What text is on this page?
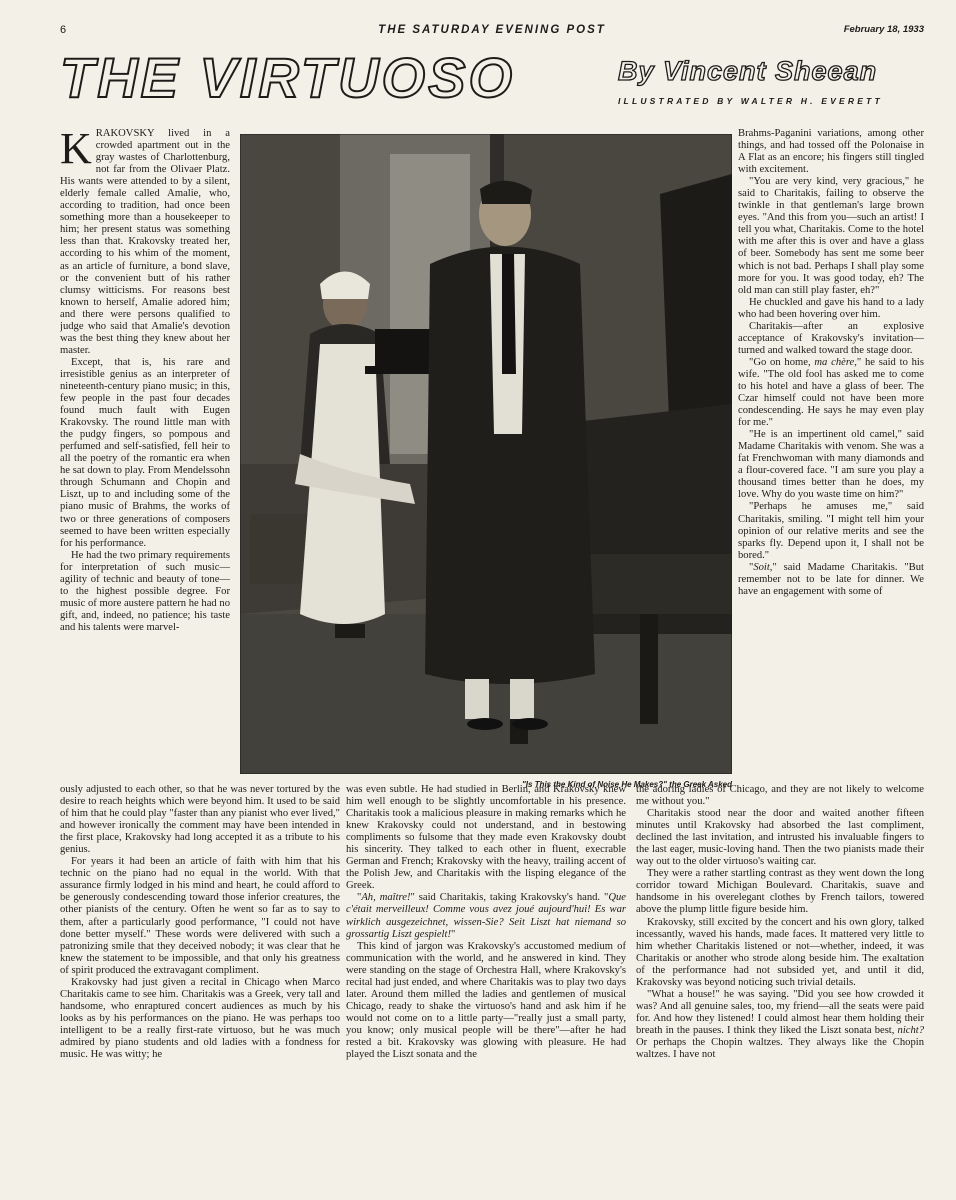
6	THE SATURDAY EVENING POST	February 18, 1933
THE VIRTUOSO	By Vincent Sheean
ILLUSTRATED BY WALTER H. EVERETT
"Is This the Kind of Noise He Makes?" the Greek Asked

KRAKOVSKY lived in a crowded apartment out in the gray wastes of Charlottenburg, not far from the Olivaer Platz. His wants were attended to by a silent, elderly female called Amalie, who, according to tradition, had once been something more than a housekeeper to him; her present status was something less than that. Krakovsky treated her, according to his whim of the moment, as an article of furniture, a bond slave, or the convenient butt of his rather clumsy witticisms. For reasons best known to herself, Amalie adored him; and there were persons qualified to judge who said that Amalie's devotion was the best thing they knew about her master.

Except, that is, his rare and irresistible genius as an interpreter of nineteenth-century piano music; in this, few people in the past four decades found much fault with Eugen Krakovsky. The round little man with the pudgy fingers, so pompous and perfumed and self-satisfied, fell heir to all the poetry of the romantic era when he sat down to play. From Mendelssohn through Schumann and Chopin and Liszt, up to and including some of the piano music of Brahms, the works of two or three generations of composers seemed to have been written especially for his performance.

He had the two primary requirements for interpretation of such music—agility of technic and beauty of tone—to the highest possible degree. For music of more austere pattern he had no gift, and, indeed, no patience; his taste and his talents were marvel-

Brahms-Paganini variations, among other things, and had tossed off the Polonaise in A Flat as an encore; his fingers still tingled with excitement.

"You are very kind, very gracious," he said to Charitakis, failing to observe the twinkle in that gentleman's large brown eyes. "And this from you—such an artist! I tell you what, Charitakis. Come to the hotel with me after this is over and have a glass of beer. Somebody has sent me some beer which is not bad. Perhaps I shall play some more for you. It was good today, eh? The old man can still play faster, eh?"

He chuckled and gave his hand to a lady who had been hovering over him.

Charitakis—after an explosive acceptance of Krakovsky's invitation—turned and walked toward the stage door.

"Go on home, ma chère," he said to his wife. "The old fool has asked me to come to his hotel and have a glass of beer. The Czar himself could not have been more condescending. He says he may even play for me."

"He is an impertinent old camel," said Madame Charitakis with venom. She was a fat Frenchwoman with many diamonds and a flour-covered face. "I am sure you play a thousand times better than he does, my love. Why do you waste time on him?"

"Perhaps he amuses me," said Charitakis, smiling. "I might tell him your opinion of our relative merits and see the sparks fly. Depend upon it, I shall not be bored."

"Soit," said Madame Charitakis. "But remember not to be late for dinner. We have an engagement with some of

ously adjusted to each other, so that he was never tortured by the desire to reach heights which were beyond him. It used to be said of him that he could play "faster than any pianist who ever lived," and however ironically the comment may have been intended in the first place, Krakovsky had long accepted it as a tribute to his genius.

For years it had been an article of faith with him that his technic on the piano had no equal in the world. With that assurance firmly lodged in his mind and heart, he could afford to be generously condescending toward those inferior creatures, the other pianists of the century. Often he went so far as to say to them, after a particularly good performance, "I could not have done better myself." These words were delivered with such a patronizing smile that they deceived nobody; it was clear that he knew the statement to be impossible, and that only his greatness of spirit produced the extravagant compliment.

Krakovsky had just given a recital in Chicago when Marco Charitakis came to see him. Charitakis was a Greek, very tall and handsome, who enraptured concert audiences as much by his looks as by his performances on the piano. He was perhaps too intelligent to be a really first-rate virtuoso, but he was much admired by piano students and old ladies with a fondness for music. He was witty; he

was even subtle. He had studied in Berlin, and Krakovsky knew him well enough to be slightly uncomfortable in his presence. Charitakis took a malicious pleasure in making remarks which he knew Krakovsky could not understand, and in bestowing compliments so fulsome that they made even Krakovsky doubt his sincerity. They talked to each other in fluent, execrable German and French; Krakovsky with the heavy, trailing accent of the Polish Jew, and Charitakis with the lisping elegance of the Greek.

"Ah, maître!" said Charitakis, taking Krakovsky's hand. "Que c'était merveilleux! Comme vous avez joué aujourd'hui! Es war wirklich ausgezeichnet, wissen-Sie? Seit Liszt hat niemand so grossartig Liszt gespielt!"

This kind of jargon was Krakovsky's accustomed medium of communication with the world, and he answered in kind. They were standing on the stage of Orchestra Hall, where Krakovsky's recital had just ended, and where Charitakis was to play two days later. Around them milled the ladies and gentlemen of musical Chicago, ready to shake the virtuoso's hand and ask him if he would not come on to a little party—"really just a small party, you know; only musical people will be there"—after he had rested a bit. Krakovsky was glowing with pleasure. He had played the Liszt sonata and the

the adoring ladies of Chicago, and they are not likely to welcome me without you."

Charitakis stood near the door and waited another fifteen minutes until Krakovsky had absorbed the last compliment, declined the last invitation, and intrusted his invaluable fingers to the last eager, music-loving hand. Then the two pianists made their way out to the older virtuoso's waiting car.

They were a rather startling contrast as they went down the long corridor toward Michigan Boulevard. Charitakis, suave and handsome in his overelegant clothes by French tailors, towered above the plump little figure beside him.

Krakovsky, still excited by the concert and his own glory, talked incessantly, waved his hands, made faces. It mattered very little to him whether Charitakis listened or not—whether, indeed, it was Charitakis or another who strode along beside him. The exaltation of the performance had not subsided yet, and until it did, Krakovsky was beyond noticing such trivial details.

"What a house!" he was saying. "Did you see how crowded it was? And all genuine sales, too, my friend—all the seats were paid for. And how they listened! I could almost hear them holding their breath in the pauses. I think they liked the Liszt sonata best, nicht? Or perhaps the Chopin waltzes. They always like the Chopin waltzes. I have not
